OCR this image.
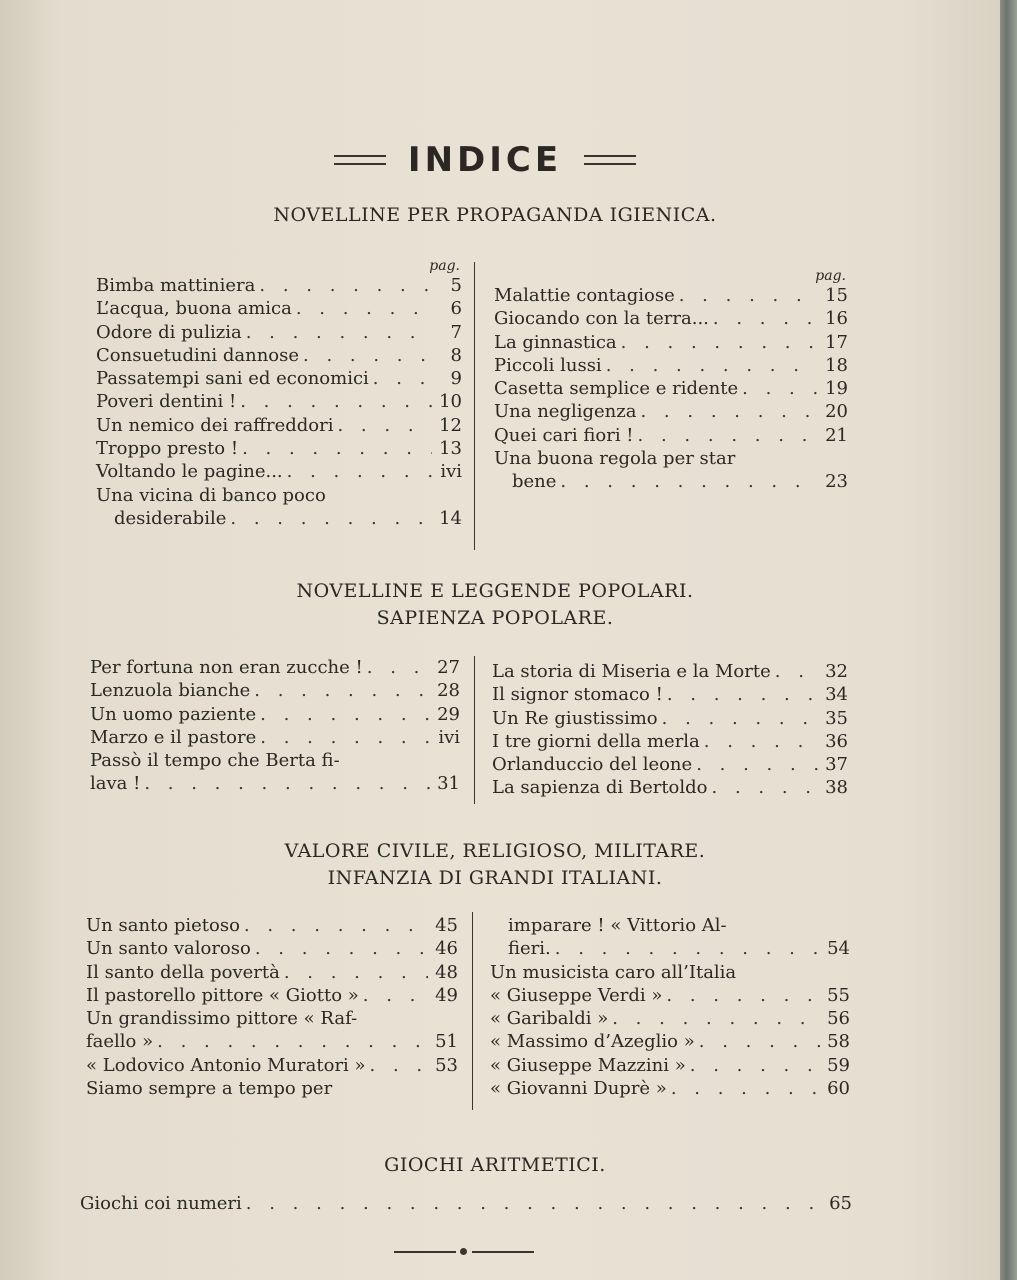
INDICE
NOVELLINE PER PROPAGANDA IGIENICA.
pag.
Bimba mattiniera . . .	5
L’acqua, buona amica . . .	6
Odore di pulizia . . .	7
Consuetudini dannose . . .	8
Passatempi sani ed economici . . .	9
Poveri dentini ! . . .	10
Un nemico dei raffreddori . . .	12
Troppo presto ! . . .	13
Voltando le pagine... . . .	ivi
Una vicina di banco poco
desiderabile . . .	14
pag.
Malattie contagiose . . .	15
Giocando con la terra... . . .	16
La ginnastica . . .	17
Piccoli lussi . . .	18
Casetta semplice e ridente . . .	19
Una negligenza . . .	20
Quei cari fiori ! . . .	21
Una buona regola per star
bene . . .	23
NOVELLINE E LEGGENDE POPOLARI.
SAPIENZA POPOLARE.
Per fortuna non eran zucche ! . . .	27
Lenzuola bianche . . .	28
Un uomo paziente . . .	29
Marzo e il pastore . . .	ivi
Passò il tempo che Berta fi-
lava ! . . .	31
La storia di Miseria e la Morte . . .	32
Il signor stomaco ! . . .	34
Un Re giustissimo . . .	35
I tre giorni della merla . . .	36
Orlanduccio del leone . . .	37
La sapienza di Bertoldo . . .	38
VALORE CIVILE, RELIGIOSO, MILITARE.
INFANZIA DI GRANDI ITALIANI.
Un santo pietoso . . .	45
Un santo valoroso . . .	46
Il santo della povertà . . .	48
Il pastorello pittore « Giotto » . . .	49
Un grandissimo pittore « Raf-
faello » . . .	51
« Lodovico Antonio Muratori » . . .	53
Siamo sempre a tempo per
imparare ! « Vittorio Al-
fieri. . . .	54
Un musicista caro all’Italia
« Giuseppe Verdi » . . .	55
« Garibaldi » . . .	56
« Massimo d’Azeglio » . . .	58
« Giuseppe Mazzini » . . .	59
« Giovanni Duprè » . . .	60
GIOCHI ARITMETICI.
Giochi coi numeri . . .	65
